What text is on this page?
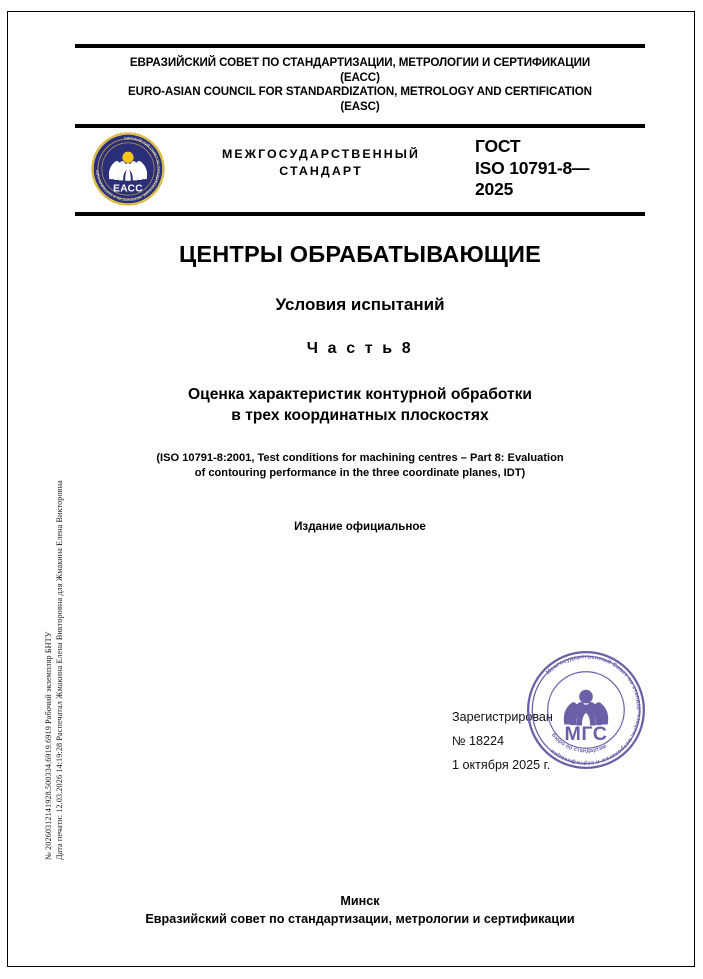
№ 20260312141928.500334.6919.6919 Рабочий экземпляр БНТУ Дата печати: 12.03.2026 14:19:28 Распечатал Жмакина Елена Викторовна для Жмакина Елена Викторовна
ЕВРАЗИЙСКИЙ СОВЕТ ПО СТАНДАРТИЗАЦИИ, МЕТРОЛОГИИ И СЕРТИФИКАЦИИ
(ЕАСС)
EURO-ASIAN COUNCIL FOR STANDARDIZATION, METROLOGY AND CERTIFICATION
(EASC)
ЕВРАЗИЙСКИЙ СОВЕТ ПО СТАНДАРТИЗАЦИИ, МЕТРОЛОГИИ И СЕРТИФИКАЦИИ
ЕАСС
МЕЖГОСУДАРСТВЕННЫЙ
СТАНДАРТ
ГОСТ
ISO 10791-8—
2025
ЦЕНТРЫ ОБРАБАТЫВАЮЩИЕ
Условия испытаний
Ч а с т ь 8
Оценка характеристик контурной обработки
в трех координатных плоскостях
(ISO 10791-8:2001, Test conditions for machining centres – Part 8: Evaluation
of contouring performance in the three coordinate planes, IDT)
Издание официальное
Зарегистрирован
№ 18224
1 октября 2025 г.
Межгосударственный Совет по стандартизации, метрологии и сертификации
Бюро по стандартам
МГС
Минск
Евразийский совет по стандартизации, метрологии и сертификации
